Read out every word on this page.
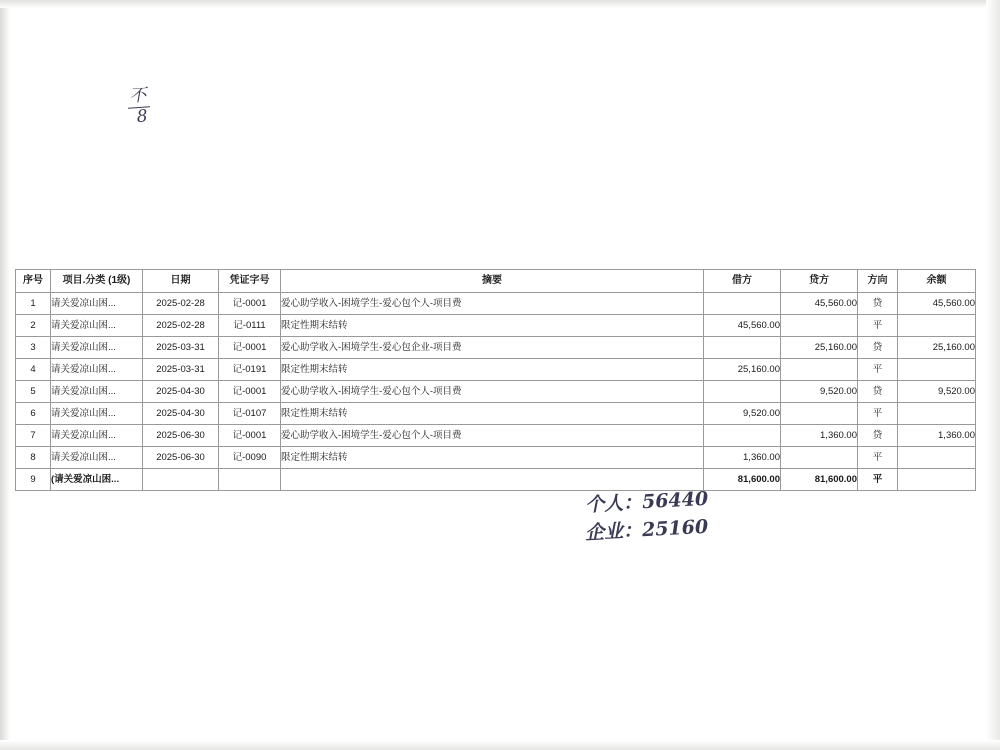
不
8
序号	项目.分类 (1级)	日期	凭证字号	摘要	借方	贷方	方向	余额
1	请关爱凉山困...	2025-02-28	记-0001	爱心助学收入-困境学生-爱心包个人-项目费		45,560.00	贷	45,560.00
2	请关爱凉山困...	2025-02-28	记-0111	限定性期末结转	45,560.00		平	
3	请关爱凉山困...	2025-03-31	记-0001	爱心助学收入-困境学生-爱心包企业-项目费		25,160.00	贷	25,160.00
4	请关爱凉山困...	2025-03-31	记-0191	限定性期末结转	25,160.00		平	
5	请关爱凉山困...	2025-04-30	记-0001	爱心助学收入-困境学生-爱心包个人-项目费		9,520.00	贷	9,520.00
6	请关爱凉山困...	2025-04-30	记-0107	限定性期末结转	9,520.00		平	
7	请关爱凉山困...	2025-06-30	记-0001	爱心助学收入-困境学生-爱心包个人-项目费		1,360.00	贷	1,360.00
8	请关爱凉山困...	2025-06-30	记-0090	限定性期末结转	1,360.00		平	
9	(请关爱凉山困...				81,600.00	81,600.00	平	
个人：56440
企业：25160
